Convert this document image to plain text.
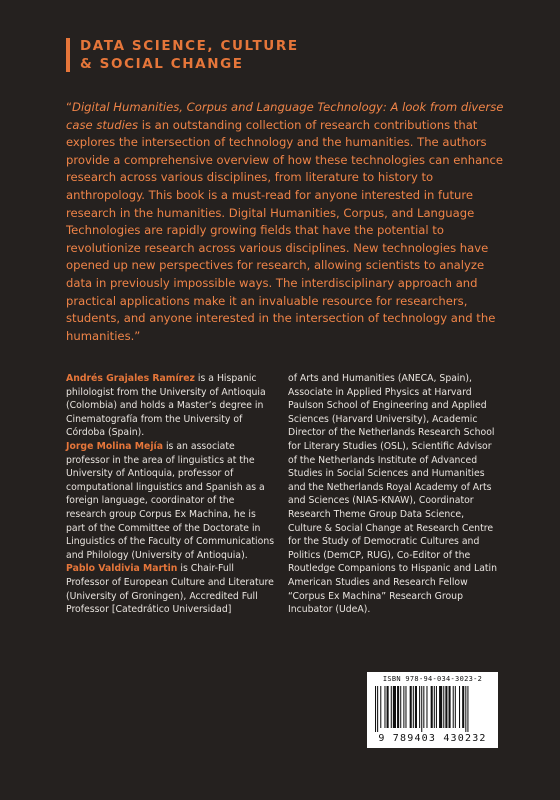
DATA SCIENCE, CULTURE
& SOCIAL CHANGE
“Digital Humanities, Corpus and Language Technology: A look from diverse case studies is an outstanding collection of research contributions that explores the intersection of technology and the humanities. The authors provide a comprehensive overview of how these technologies can enhance research across various disciplines, from literature to history to anthropology. This book is a must-read for anyone interested in future research in the humanities. Digital Humanities, Corpus, and Language Technologies are rapidly growing fields that have the potential to revolutionize research across various disciplines. New technologies have opened up new perspectives for research, allowing scientists to analyze data in previously impossible ways. The interdisciplinary approach and practical applications make it an invaluable resource for researchers, students, and anyone interested in the intersection of technology and the humanities.”

Andrés Grajales Ramírez is a Hispanic philologist from the University of Antioquia (Colombia) and holds a Master’s degree in Cinematografía from the University of Córdoba (Spain).

Jorge Molina Mejía is an associate professor in the area of linguistics at the University of Antioquia, professor of computational linguistics and Spanish as a foreign language, coordinator of the research group Corpus Ex Machina, he is part of the Committee of the Doctorate in Linguistics of the Faculty of Communications and Philology (University of Antioquia).

Pablo Valdivia Martin is Chair-Full Professor of European Culture and Literature (University of Groningen), Accredited Full Professor [Catedrático Universidad]

of Arts and Humanities (ANECA, Spain), Associate in Applied Physics at Harvard Paulson School of Engineering and Applied Sciences (Harvard University), Academic Director of the Netherlands Research School for Literary Studies (OSL), Scientific Advisor of the Netherlands Institute of Advanced Studies in Social Sciences and Humanities and the Netherlands Royal Academy of Arts and Sciences (NIAS-KNAW), Coordinator Research Theme Group Data Science, Culture & Social Change at Research Centre for the Study of Democratic Cultures and Politics (DemCP, RUG), Co-Editor of the Routledge Companions to Hispanic and Latin American Studies and Research Fellow “Corpus Ex Machina” Research Group Incubator (UdeA).

ISBN 978-94-034-3023-2
9 789403 430232
